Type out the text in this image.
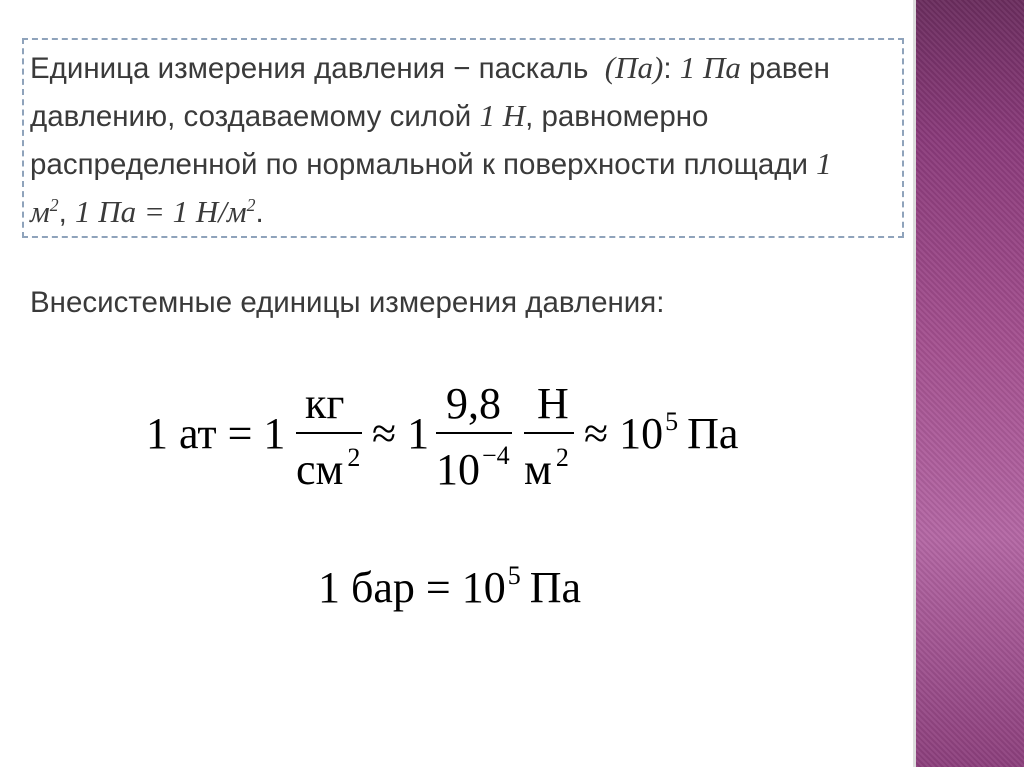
Единица измерения давления − паскаль (Па): 1 Па равен давлению, создаваемому силой 1 Н, равномерно распределенной по нормальной к поверхности площади 1 $м^2$, 1 Па = 1 $Н/м^2$.
Внесистемные единицы измерения давления:
1 ат = 1
кг
см $^2$ ≈ 1
9,8
$10^{-4}$
Н
м $^2 \approx 10^5$ Па
1 бар = $10^5$ Па
